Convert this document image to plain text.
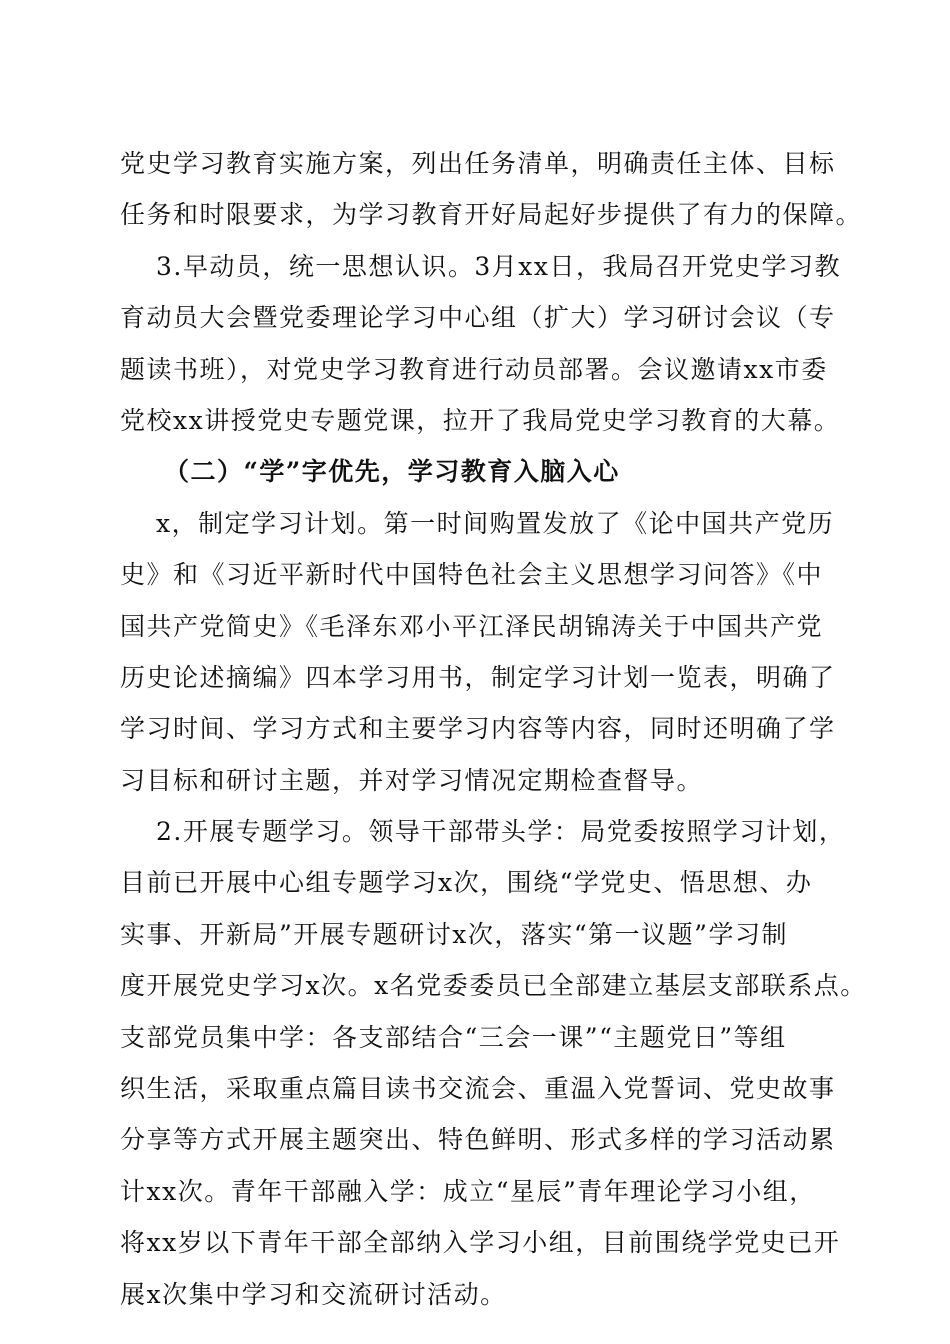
党史学习教育实施方案，列出任务清单，明确责任主体、目标
任务和时限要求，为学习教育开好局起好步提供了有力的保障。
3.早动员，统一思想认识。3月xx日，我局召开党史学习教
育动员大会暨党委理论学习中心组（扩大）学习研讨会议（专
题读书班），对党史学习教育进行动员部署。会议邀请xx市委
党校xx讲授党史专题党课，拉开了我局党史学习教育的大幕。
（二）“学”字优先，学习教育入脑入心
x，制定学习计划。第一时间购置发放了《论中国共产党历
史》和《习近平新时代中国特色社会主义思想学习问答》《中
国共产党简史》《毛泽东邓小平江泽民胡锦涛关于中国共产党
历史论述摘编》四本学习用书，制定学习计划一览表，明确了
学习时间、学习方式和主要学习内容等内容，同时还明确了学
习目标和研讨主题，并对学习情况定期检查督导。
2.开展专题学习。领导干部带头学：局党委按照学习计划，
目前已开展中心组专题学习x次，围绕“学党史、悟思想、办
实事、开新局”开展专题研讨x次，落实“第一议题”学习制
度开展党史学习x次。x名党委委员已全部建立基层支部联系点。
支部党员集中学：各支部结合“三会一课”“主题党日”等组
织生活，采取重点篇目读书交流会、重温入党誓词、党史故事
分享等方式开展主题突出、特色鲜明、形式多样的学习活动累
计xx次。青年干部融入学：成立“星辰”青年理论学习小组，
将xx岁以下青年干部全部纳入学习小组，目前围绕学党史已开
展x次集中学习和交流研讨活动。
